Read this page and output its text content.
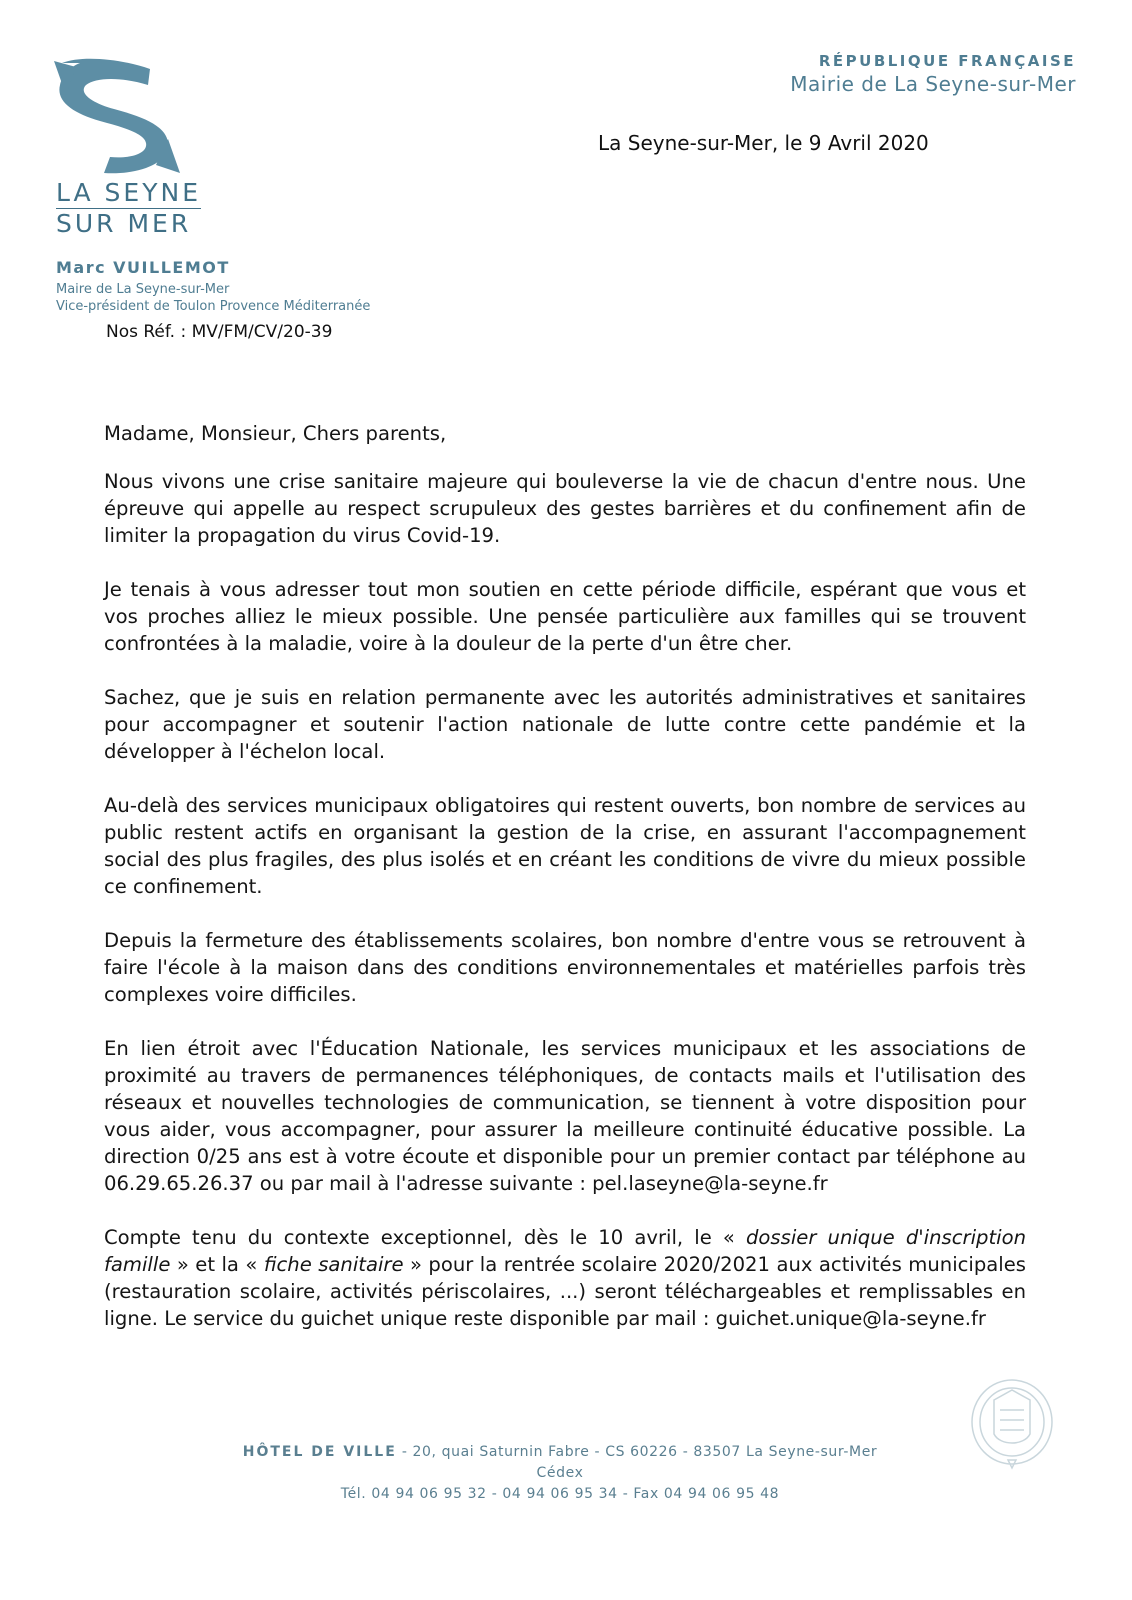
LA SEYNE
SUR MER
RÉPUBLIQUE FRANÇAISE
Mairie de La Seyne-sur-Mer
La Seyne-sur-Mer, le 9 Avril 2020
Marc VUILLEMOT
Maire de La Seyne-sur-Mer
Vice-président de Toulon Provence Méditerranée
Nos Réf. : MV/FM/CV/20-39

Madame, Monsieur, Chers parents,

Nous vivons une crise sanitaire majeure qui bouleverse la vie de chacun d'entre nous. Une épreuve qui appelle au respect scrupuleux des gestes barrières et du confinement afin de limiter la propagation du virus Covid-19.

Je tenais à vous adresser tout mon soutien en cette période difficile, espérant que vous et vos proches alliez le mieux possible. Une pensée particulière aux familles qui se trouvent confrontées à la maladie, voire à la douleur de la perte d'un être cher.

Sachez, que je suis en relation permanente avec les autorités administratives et sanitaires pour accompagner et soutenir l'action nationale de lutte contre cette pandémie et la développer à l'échelon local.

Au-delà des services municipaux obligatoires qui restent ouverts, bon nombre de services au public restent actifs en organisant la gestion de la crise, en assurant l'accompagnement social des plus fragiles, des plus isolés et en créant les conditions de vivre du mieux possible ce confinement.

Depuis la fermeture des établissements scolaires, bon nombre d'entre vous se retrouvent à faire l'école à la maison dans des conditions environnementales et matérielles parfois très complexes voire difficiles.

En lien étroit avec l'Éducation Nationale, les services municipaux et les associations de proximité au travers de permanences téléphoniques, de contacts mails et l'utilisation des réseaux et nouvelles technologies de communication, se tiennent à votre disposition pour vous aider, vous accompagner, pour assurer la meilleure continuité éducative possible. La direction 0/25 ans est à votre écoute et disponible pour un premier contact par téléphone au 06.29.65.26.37 ou par mail à l'adresse suivante : pel.laseyne@la-seyne.fr

Compte tenu du contexte exceptionnel, dès le 10 avril, le « dossier unique d'inscription famille » et la « fiche sanitaire » pour la rentrée scolaire 2020/2021 aux activités municipales (restauration scolaire, activités périscolaires, ...) seront téléchargeables et remplissables en ligne. Le service du guichet unique reste disponible par mail : guichet.unique@la-seyne.fr

HÔTEL DE VILLE - 20, quai Saturnin Fabre - CS 60226 - 83507 La Seyne-sur-Mer Cédex
Tél. 04 94 06 95 32 - 04 94 06 95 34 - Fax 04 94 06 95 48
